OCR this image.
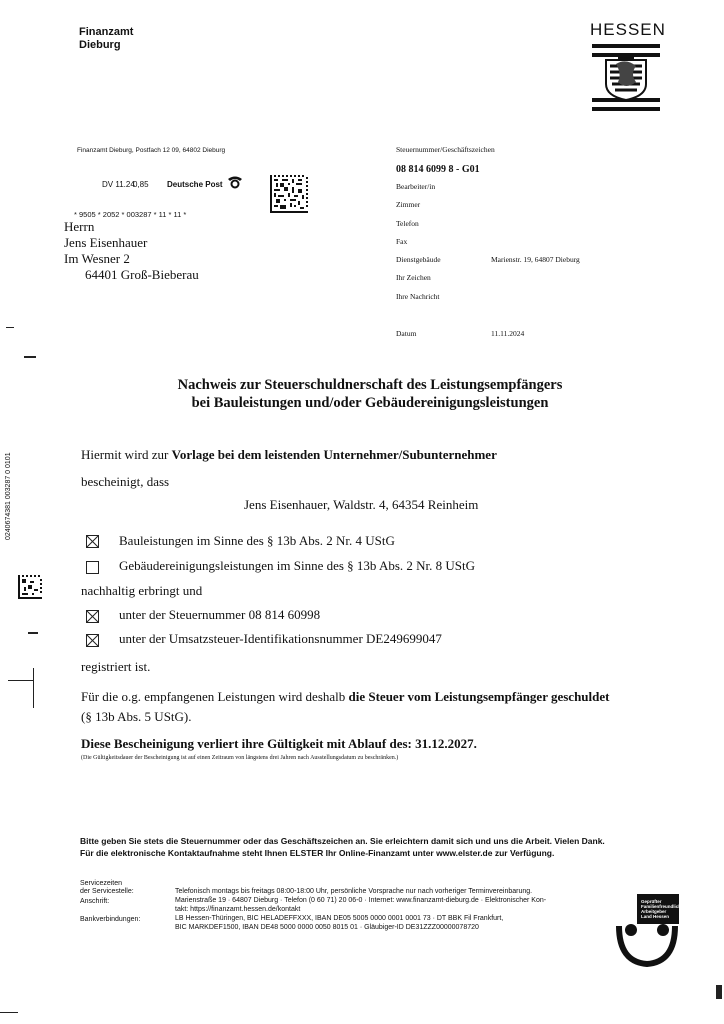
Finanzamt
Dieburg
HESSEN
Finanzamt Dieburg, Postfach 12 09, 64802 Dieburg
DV 11.24
0,85 Deutsche Post
* 9505 * 2052 * 003287 * 11 * 11 *
Herrn
Jens Eisenhauer
Im Wesner 2
64401 Groß-Bieberau
Steuernummer/Geschäftszeichen
08 814 6099 8 - G01
Bearbeiter/in
Zimmer
Telefon
Fax
Dienstgebäude	Marienstr. 19, 64807 Dieburg
Ihr Zeichen
Ihre Nachricht
Datum	11.11.2024
Nachweis zur Steuerschuldnerschaft des Leistungsempfängers
bei Bauleistungen und/oder Gebäudereinigungsleistungen
Hiermit wird zur Vorlage bei dem leistenden Unternehmer/Subunternehmer
bescheinigt, dass
Jens Eisenhauer, Waldstr. 4, 64354 Reinheim
Bauleistungen im Sinne des § 13b Abs. 2 Nr. 4 UStG
Gebäudereinigungsleistungen im Sinne des § 13b Abs. 2 Nr. 8 UStG
nachhaltig erbringt und
unter der Steuernummer 08 814 60998
unter der Umsatzsteuer-Identifikationsnummer DE249699047
registriert ist.
Für die o.g. empfangenen Leistungen wird deshalb die Steuer vom Leistungsempfänger geschuldet
(§ 13b Abs. 5 UStG).
Diese Bescheinigung verliert ihre Gültigkeit mit Ablauf des: 31.12.2027.
(Die Gültigkeitsdauer der Bescheinigung ist auf einen Zeitraum von längstens drei Jahren nach Ausstellungsdatum zu beschränken.)
Bitte geben Sie stets die Steuernummer oder das Geschäftszeichen an. Sie erleichtern damit sich und uns die Arbeit. Vielen Dank.
Für die elektronische Kontaktaufnahme steht Ihnen ELSTER Ihr Online-Finanzamt unter www.elster.de zur Verfügung.
Servicezeiten
der Servicestelle:
Anschrift:
Bankverbindungen:
Telefonisch montags bis freitags 08:00-18:00 Uhr, persönliche Vorsprache nur nach vorheriger Terminvereinbarung.
Marienstraße 19 · 64807 Dieburg · Telefon (0 60 71) 20 06-0 · Internet: www.finanzamt-dieburg.de · Elektronischer Kon-
takt: https://finanzamt.hessen.de/kontakt
LB Hessen-Thüringen, BIC HELADEFFXXX, IBAN DE05 5005 0000 0001 0001 73 · DT BBK Fil Frankfurt,
BIC MARKDEF1500, IBAN DE48 5000 0000 0050 8015 01 · Gläubiger-ID DE31ZZZ00000078720
Geprüfter
Familienfreundlicher
Arbeitgeber
Land Hessen
0240674381 003287 0 0101
